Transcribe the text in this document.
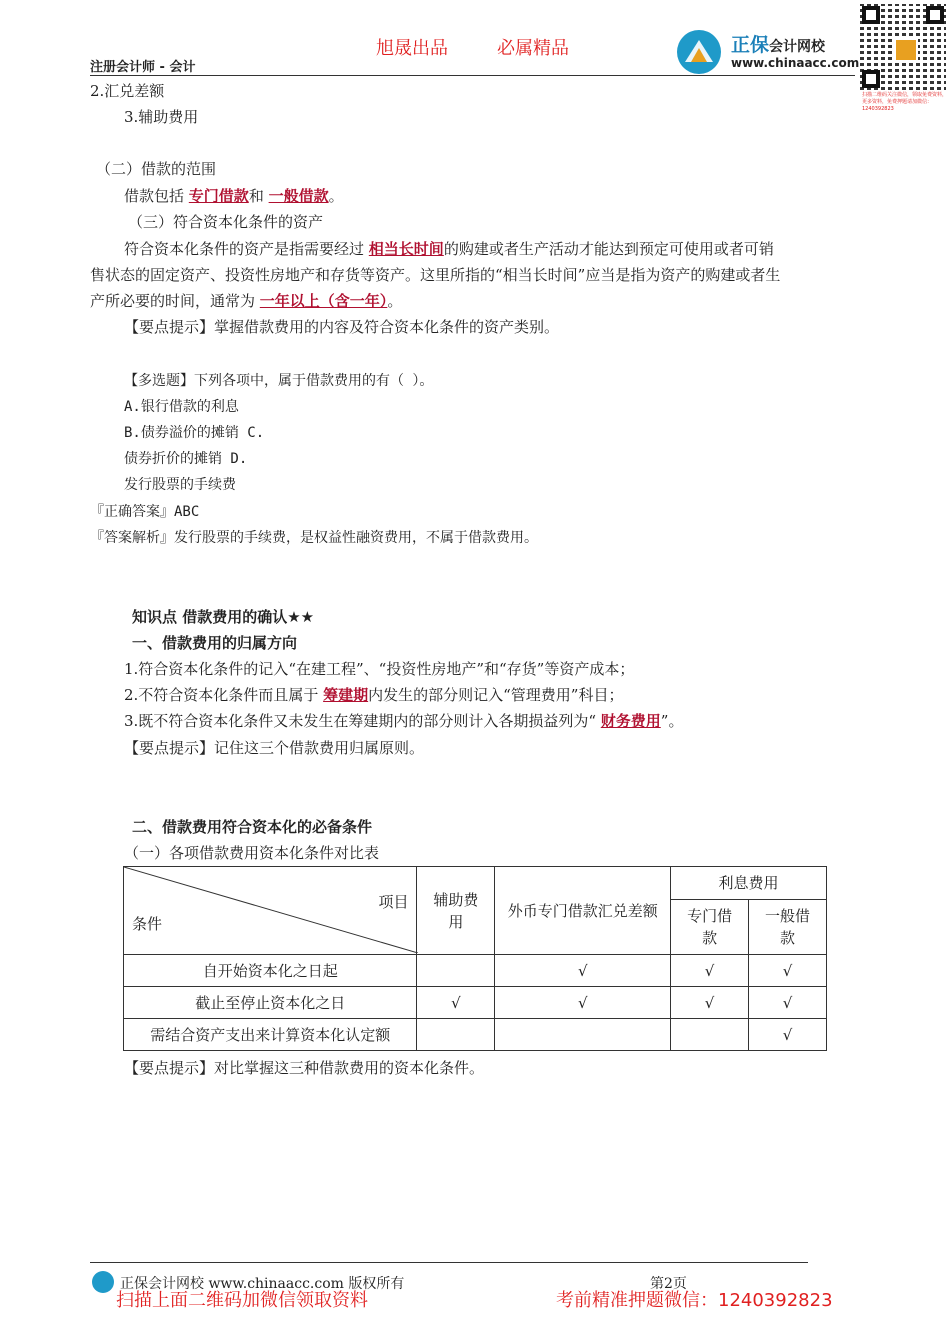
旭晟出品	必属精品
注册会计师 - 会计
正保会计网校
www.chinaacc.com
扫描二维码关注微信，领取免费资料，更多资料，免费押题请加微信：1240392823
2.汇兑差额
3.辅助费用
（二）借款的范围
借款包括 专门借款和 一般借款。
（三）符合资本化条件的资产
符合资本化条件的资产是指需要经过 相当长时间的购建或者生产活动才能达到预定可使用或者可销
售状态的固定资产、投资性房地产和存货等资产。这里所指的“相当长时间”应当是指为资产的购建或者生
产所必要的时间，通常为 一年以上（含一年）。
【要点提示】掌握借款费用的内容及符合资本化条件的资产类别。
【多选题】下列各项中，属于借款费用的有（ ）。
A.银行借款的利息
B.债券溢价的摊销 C.
债券折价的摊销 D.
发行股票的手续费
『正确答案』ABC
『答案解析』发行股票的手续费，是权益性融资费用，不属于借款费用。
知识点 借款费用的确认★★
一、借款费用的归属方向
1.符合资本化条件的记入“在建工程”、“投资性房地产”和“存货”等资产成本；
2.不符合资本化条件而且属于 筹建期内发生的部分则记入“管理费用”科目；
3.既不符合资本化条件又未发生在筹建期内的部分则计入各期损益列为“ 财务费用”。
【要点提示】记住这三个借款费用归属原则。
二、借款费用符合资本化的必备条件
（一）各项借款费用资本化条件对比表
项目
条件	辅助费用	外币专门借款汇兑差额	利息费用	
			专门借款	一般借款
自开始资本化之日起		√	√	√
截止至停止资本化之日	√	√	√	√
需结合资产支出来计算资本化认定额				√
【要点提示】对比掌握这三种借款费用的资本化条件。
正保会计网校 www.chinaacc.com 版权所有	第2页
扫描上面二维码加微信领取资料	考前精准押题微信：1240392823
